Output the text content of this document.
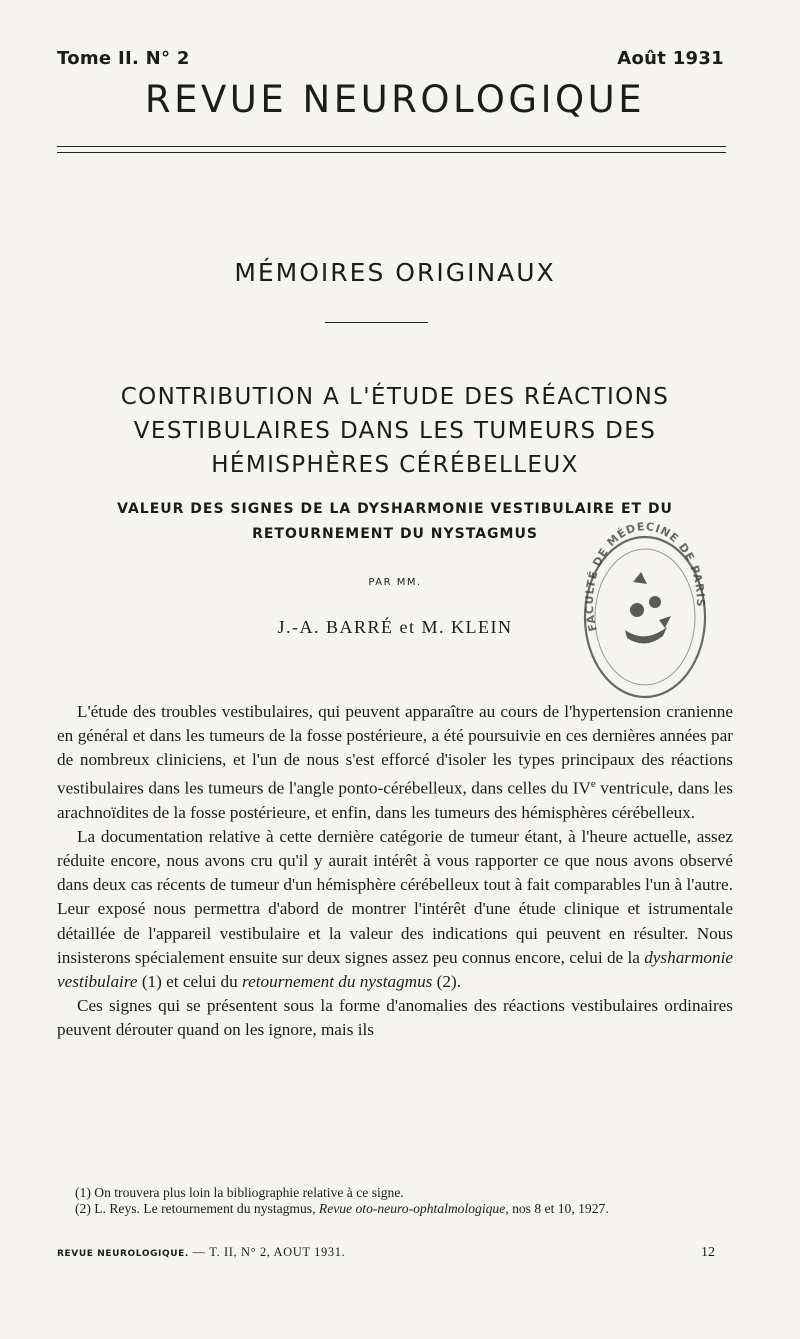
Tome II. N° 2	Août 1931
REVUE NEUROLOGIQUE
MÉMOIRES ORIGINAUX
CONTRIBUTION A L'ÉTUDE DES RÉACTIONS
VESTIBULAIRES DANS LES TUMEURS DES
HÉMISPHÈRES CÉRÉBELLEUX
VALEUR DES SIGNES DE LA DYSHARMONIE VESTIBULAIRE ET DU
RETOURNEMENT DU NYSTAGMUS
PAR MM.
J.-A. BARRÉ et M. KLEIN	FACULTÉ DE MÉDECINE DE PARIS

L'étude des troubles vestibulaires, qui peuvent apparaître au cours de l'hypertension cranienne en général et dans les tumeurs de la fosse postérieure, a été poursuivie en ces dernières années par de nombreux cliniciens, et l'un de nous s'est efforcé d'isoler les types principaux des réactions vestibulaires dans les tumeurs de l'angle ponto-cérébelleux, dans celles du IVe ventricule, dans les arachnoïdites de la fosse postérieure, et enfin, dans les tumeurs des hémisphères cérébelleux.

La documentation relative à cette dernière catégorie de tumeur étant, à l'heure actuelle, assez réduite encore, nous avons cru qu'il y aurait intérêt à vous rapporter ce que nous avons observé dans deux cas récents de tumeur d'un hémisphère cérébelleux tout à fait comparables l'un à l'autre. Leur exposé nous permettra d'abord de montrer l'intérêt d'une étude clinique et istrumentale détaillée de l'appareil vestibulaire et la valeur des indications qui peuvent en résulter. Nous insisterons spécialement ensuite sur deux signes assez peu connus encore, celui de la dysharmonie vestibulaire (1) et celui du retournement du nystagmus (2).

Ces signes qui se présentent sous la forme d'anomalies des réactions vestibulaires ordinaires peuvent dérouter quand on les ignore, mais ils

(1) On trouvera plus loin la bibliographie relative à ce signe.

(2) L. Reys. Le retournement du nystagmus, Revue oto-neuro-ophtalmologique, nos 8 et 10, 1927.

REVUE NEUROLOGIQUE. — T. II, N° 2, AOUT 1931.	12
